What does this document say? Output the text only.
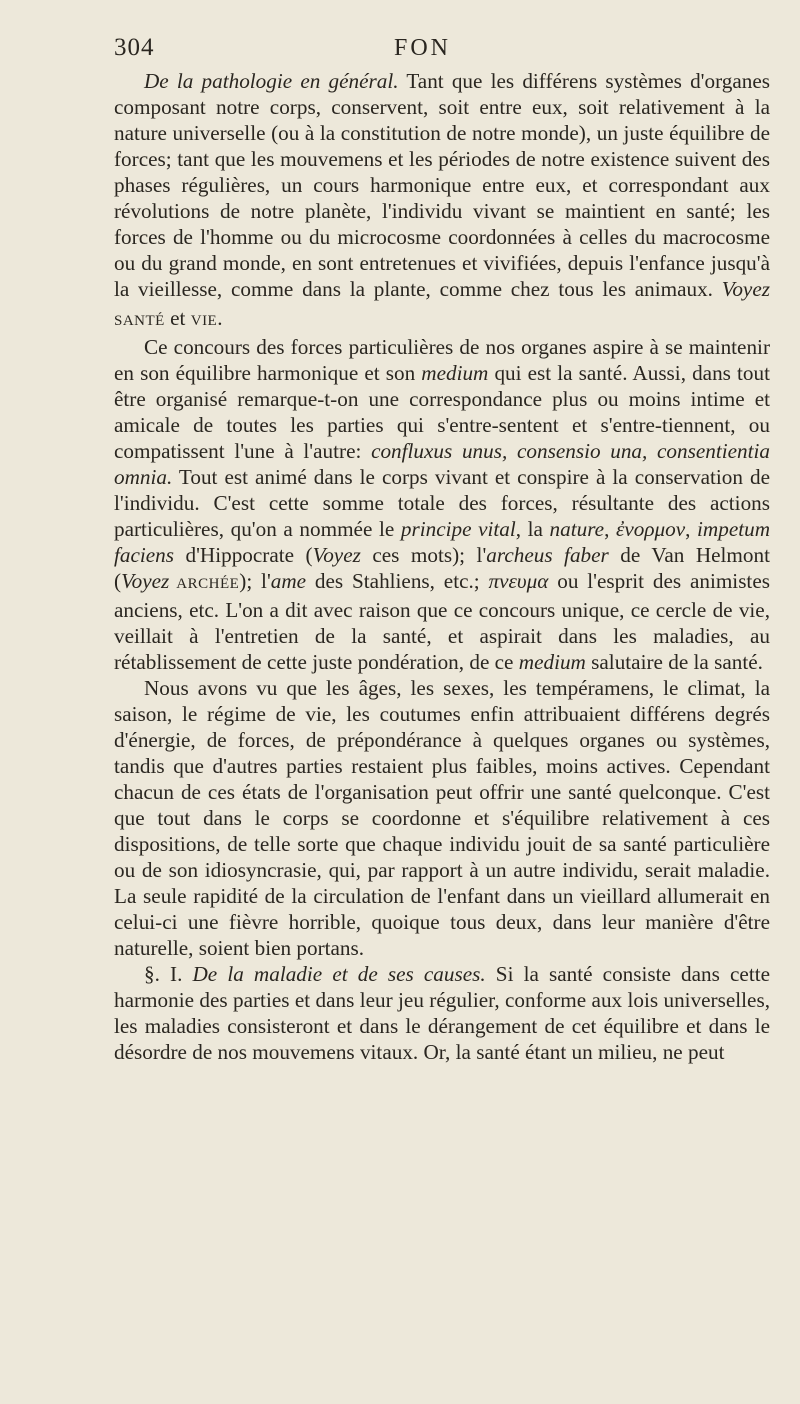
304	FON

De la pathologie en général. Tant que les différens systèmes d'organes composant notre corps, conservent, soit entre eux, soit relativement à la nature universelle (ou à la constitution de notre monde), un juste équilibre de forces; tant que les mouvemens et les périodes de notre existence suivent des phases régulières, un cours harmonique entre eux, et correspondant aux révolutions de notre planète, l'individu vivant se maintient en santé; les forces de l'homme ou du microcosme coordonnées à celles du macrocosme ou du grand monde, en sont entretenues et vivifiées, depuis l'enfance jusqu'à la vieillesse, comme dans la plante, comme chez tous les animaux. Voyez SANTÉ et VIE.

Ce concours des forces particulières de nos organes aspire à se maintenir en son équilibre harmonique et son medium qui est la santé. Aussi, dans tout être organisé remarque-t-on une correspondance plus ou moins intime et amicale de toutes les parties qui s'entre-sentent et s'entre-tiennent, ou compatissent l'une à l'autre: confluxus unus, consensio una, consentientia omnia. Tout est animé dans le corps vivant et conspire à la conservation de l'individu. C'est cette somme totale des forces, résultante des actions particulières, qu'on a nommée le principe vital, la nature, ἐνορμον, impetum faciens d'Hippocrate (Voyez ces mots); l'archeus faber de Van Helmont (Voyez ARCHÉE); l'ame des Stahliens, etc.; πνευμα ou l'esprit des animistes anciens, etc. L'on a dit avec raison que ce concours unique, ce cercle de vie, veillait à l'entretien de la santé, et aspirait dans les maladies, au rétablissement de cette juste pondération, de ce medium salutaire de la santé.

Nous avons vu que les âges, les sexes, les tempéramens, le climat, la saison, le régime de vie, les coutumes enfin attribuaient différens degrés d'énergie, de forces, de prépondérance à quelques organes ou systèmes, tandis que d'autres parties restaient plus faibles, moins actives. Cependant chacun de ces états de l'organisation peut offrir une santé quelconque. C'est que tout dans le corps se coordonne et s'équilibre relativement à ces dispositions, de telle sorte que chaque individu jouit de sa santé particulière ou de son idiosyncrasie, qui, par rapport à un autre individu, serait maladie. La seule rapidité de la circulation de l'enfant dans un vieillard allumerait en celui-ci une fièvre horrible, quoique tous deux, dans leur manière d'être naturelle, soient bien portans.

§. I. De la maladie et de ses causes. Si la santé consiste dans cette harmonie des parties et dans leur jeu régulier, conforme aux lois universelles, les maladies consisteront et dans le dérangement de cet équilibre et dans le désordre de nos mouvemens vitaux. Or, la santé étant un milieu, ne peut
